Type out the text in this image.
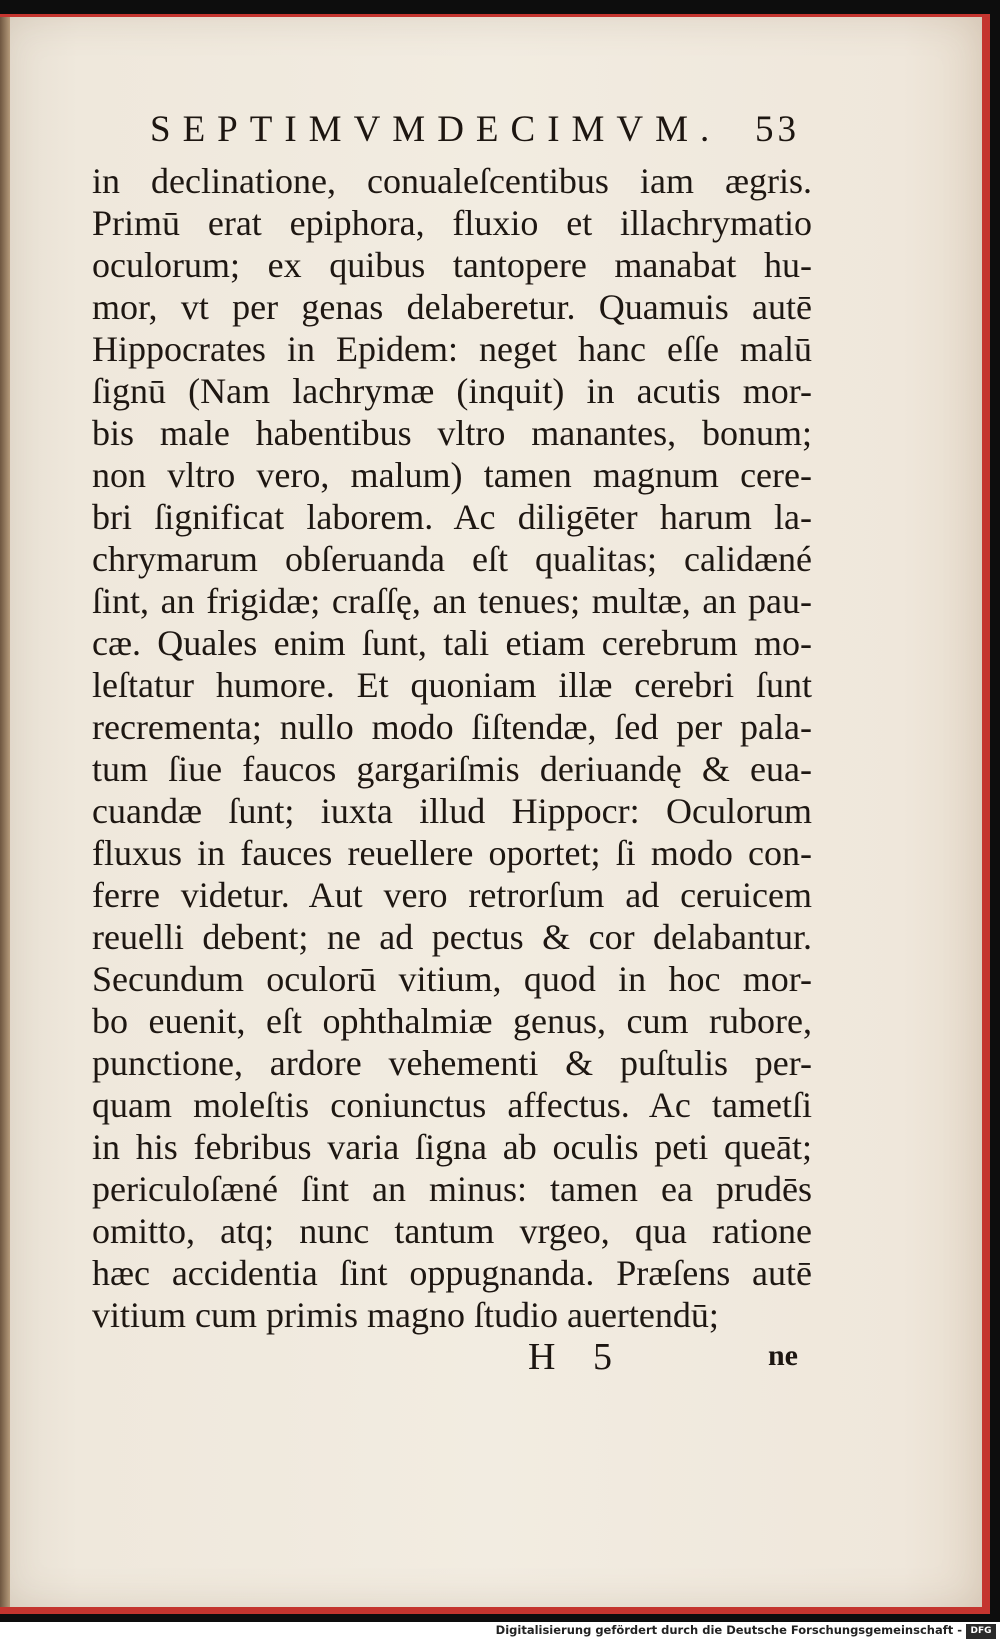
SEPTIMVMDECIMVM. 53
in declinatione, conualeſcentibus iam ægris.
Primū erat epiphora, fluxio et illachrymatio
oculorum; ex quibus tantopere manabat hu-
mor, vt per genas delaberetur. Quamuis autē
Hippocrates in Epidem: neget hanc eſſe malū
ſignū (Nam lachrymæ (inquit) in acutis mor-
bis male habentibus vltro manantes, bonum;
non vltro vero, malum) tamen magnum cere-
bri ſignificat laborem. Ac diligēter harum la-
chrymarum obſeruanda eſt qualitas; calidæné
ſint, an frigidæ; craſſę, an tenues; multæ, an pau-
cæ. Quales enim ſunt, tali etiam cerebrum mo-
leſtatur humore. Et quoniam illæ cerebri ſunt
recrementa; nullo modo ſiſtendæ, ſed per pala-
tum ſiue faucos gargariſmis deriuandę & eua-
cuandæ ſunt; iuxta illud Hippocr: Oculorum
fluxus in fauces reuellere oportet; ſi modo con-
ferre videtur. Aut vero retrorſum ad ceruicem
reuelli debent; ne ad pectus & cor delabantur.
Secundum oculorū vitium, quod in hoc mor-
bo euenit, eſt ophthalmiæ genus, cum rubore,
punctione, ardore vehementi & puſtulis per-
quam moleſtis coniunctus affectus. Ac tametſi
in his febribus varia ſigna ab oculis peti queāt;
periculoſæné ſint an minus: tamen ea prudēs
omitto, atq; nunc tantum vrgeo, qua ratione
hæc accidentia ſint oppugnanda. Præſens autē
vitium cum primis magno ſtudio auertendū;
H 5	ne
Digitalisierung gefördert durch die Deutsche Forschungsgemeinschaft - DFG
